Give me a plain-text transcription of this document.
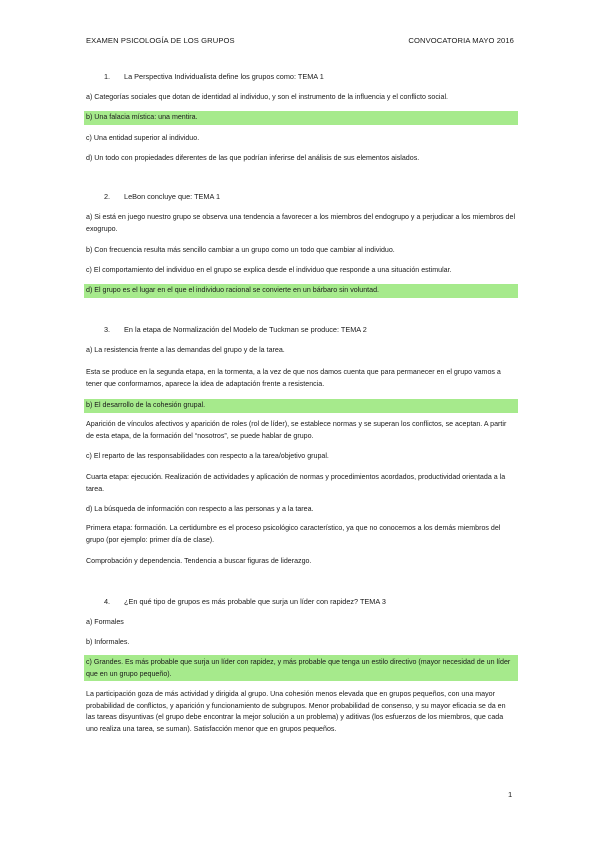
EXAMEN PSICOLOGÍA DE LOS GRUPOS	CONVOCATORIA MAYO 2016
1. La Perspectiva Individualista define los grupos como: TEMA 1
a) Categorías sociales que dotan de identidad al individuo, y son el instrumento de la influencia y el conflicto social.
b) Una falacia mística: una mentira.
c) Una entidad superior al individuo.
d) Un todo con propiedades diferentes de las que podrían inferirse del análisis de sus elementos aislados.
2. LeBon concluye que: TEMA 1
a) Si está en juego nuestro grupo se observa una tendencia a favorecer a los miembros del endogrupo y a perjudicar a los miembros del exogrupo.
b) Con frecuencia resulta más sencillo cambiar a un grupo como un todo que cambiar al individuo.
c) El comportamiento del individuo en el grupo se explica desde el individuo que responde a una situación estimular.
d) El grupo es el lugar en el que el individuo racional se convierte en un bárbaro sin voluntad.
3. En la etapa de Normalización del Modelo de Tuckman se produce: TEMA 2
a) La resistencia frente a las demandas del grupo y de la tarea.
Esta se produce en la segunda etapa, en la tormenta, a la vez de que nos damos cuenta que para permanecer en el grupo vamos a tener que conformarnos, aparece la idea de adaptación frente a resistencia.
b) El desarrollo de la cohesión grupal.
Aparición de vínculos afectivos y aparición de roles (rol de líder), se establece normas y se superan los conflictos, se aceptan. A partir de esta etapa, de la formación del “nosotros”, se puede hablar de grupo.
c) El reparto de las responsabilidades con respecto a la tarea/objetivo grupal.
Cuarta etapa: ejecución. Realización de actividades y aplicación de normas y procedimientos acordados, productividad orientada a la tarea.
d) La búsqueda de información con respecto a las personas y a la tarea.
Primera etapa: formación. La certidumbre es el proceso psicológico característico, ya que no conocemos a los demás miembros del grupo (por ejemplo: primer día de clase).
Comprobación y dependencia. Tendencia a buscar figuras de liderazgo.
4. ¿En qué tipo de grupos es más probable que surja un líder con rapidez? TEMA 3
a) Formales
b) Informales.
c) Grandes. Es más probable que surja un líder con rapidez, y más probable que tenga un estilo directivo (mayor necesidad de un líder que en un grupo pequeño).
La participación goza de más actividad y dirigida al grupo. Una cohesión menos elevada que en grupos pequeños, con una mayor probabilidad de conflictos, y aparición y funcionamiento de subgrupos. Menor probabilidad de consenso, y su mayor eficacia se da en las tareas disyuntivas (el grupo debe encontrar la mejor solución a un problema) y aditivas (los esfuerzos de los miembros, que cada uno realiza una tarea, se suman). Satisfacción menor que en grupos pequeños.
1
